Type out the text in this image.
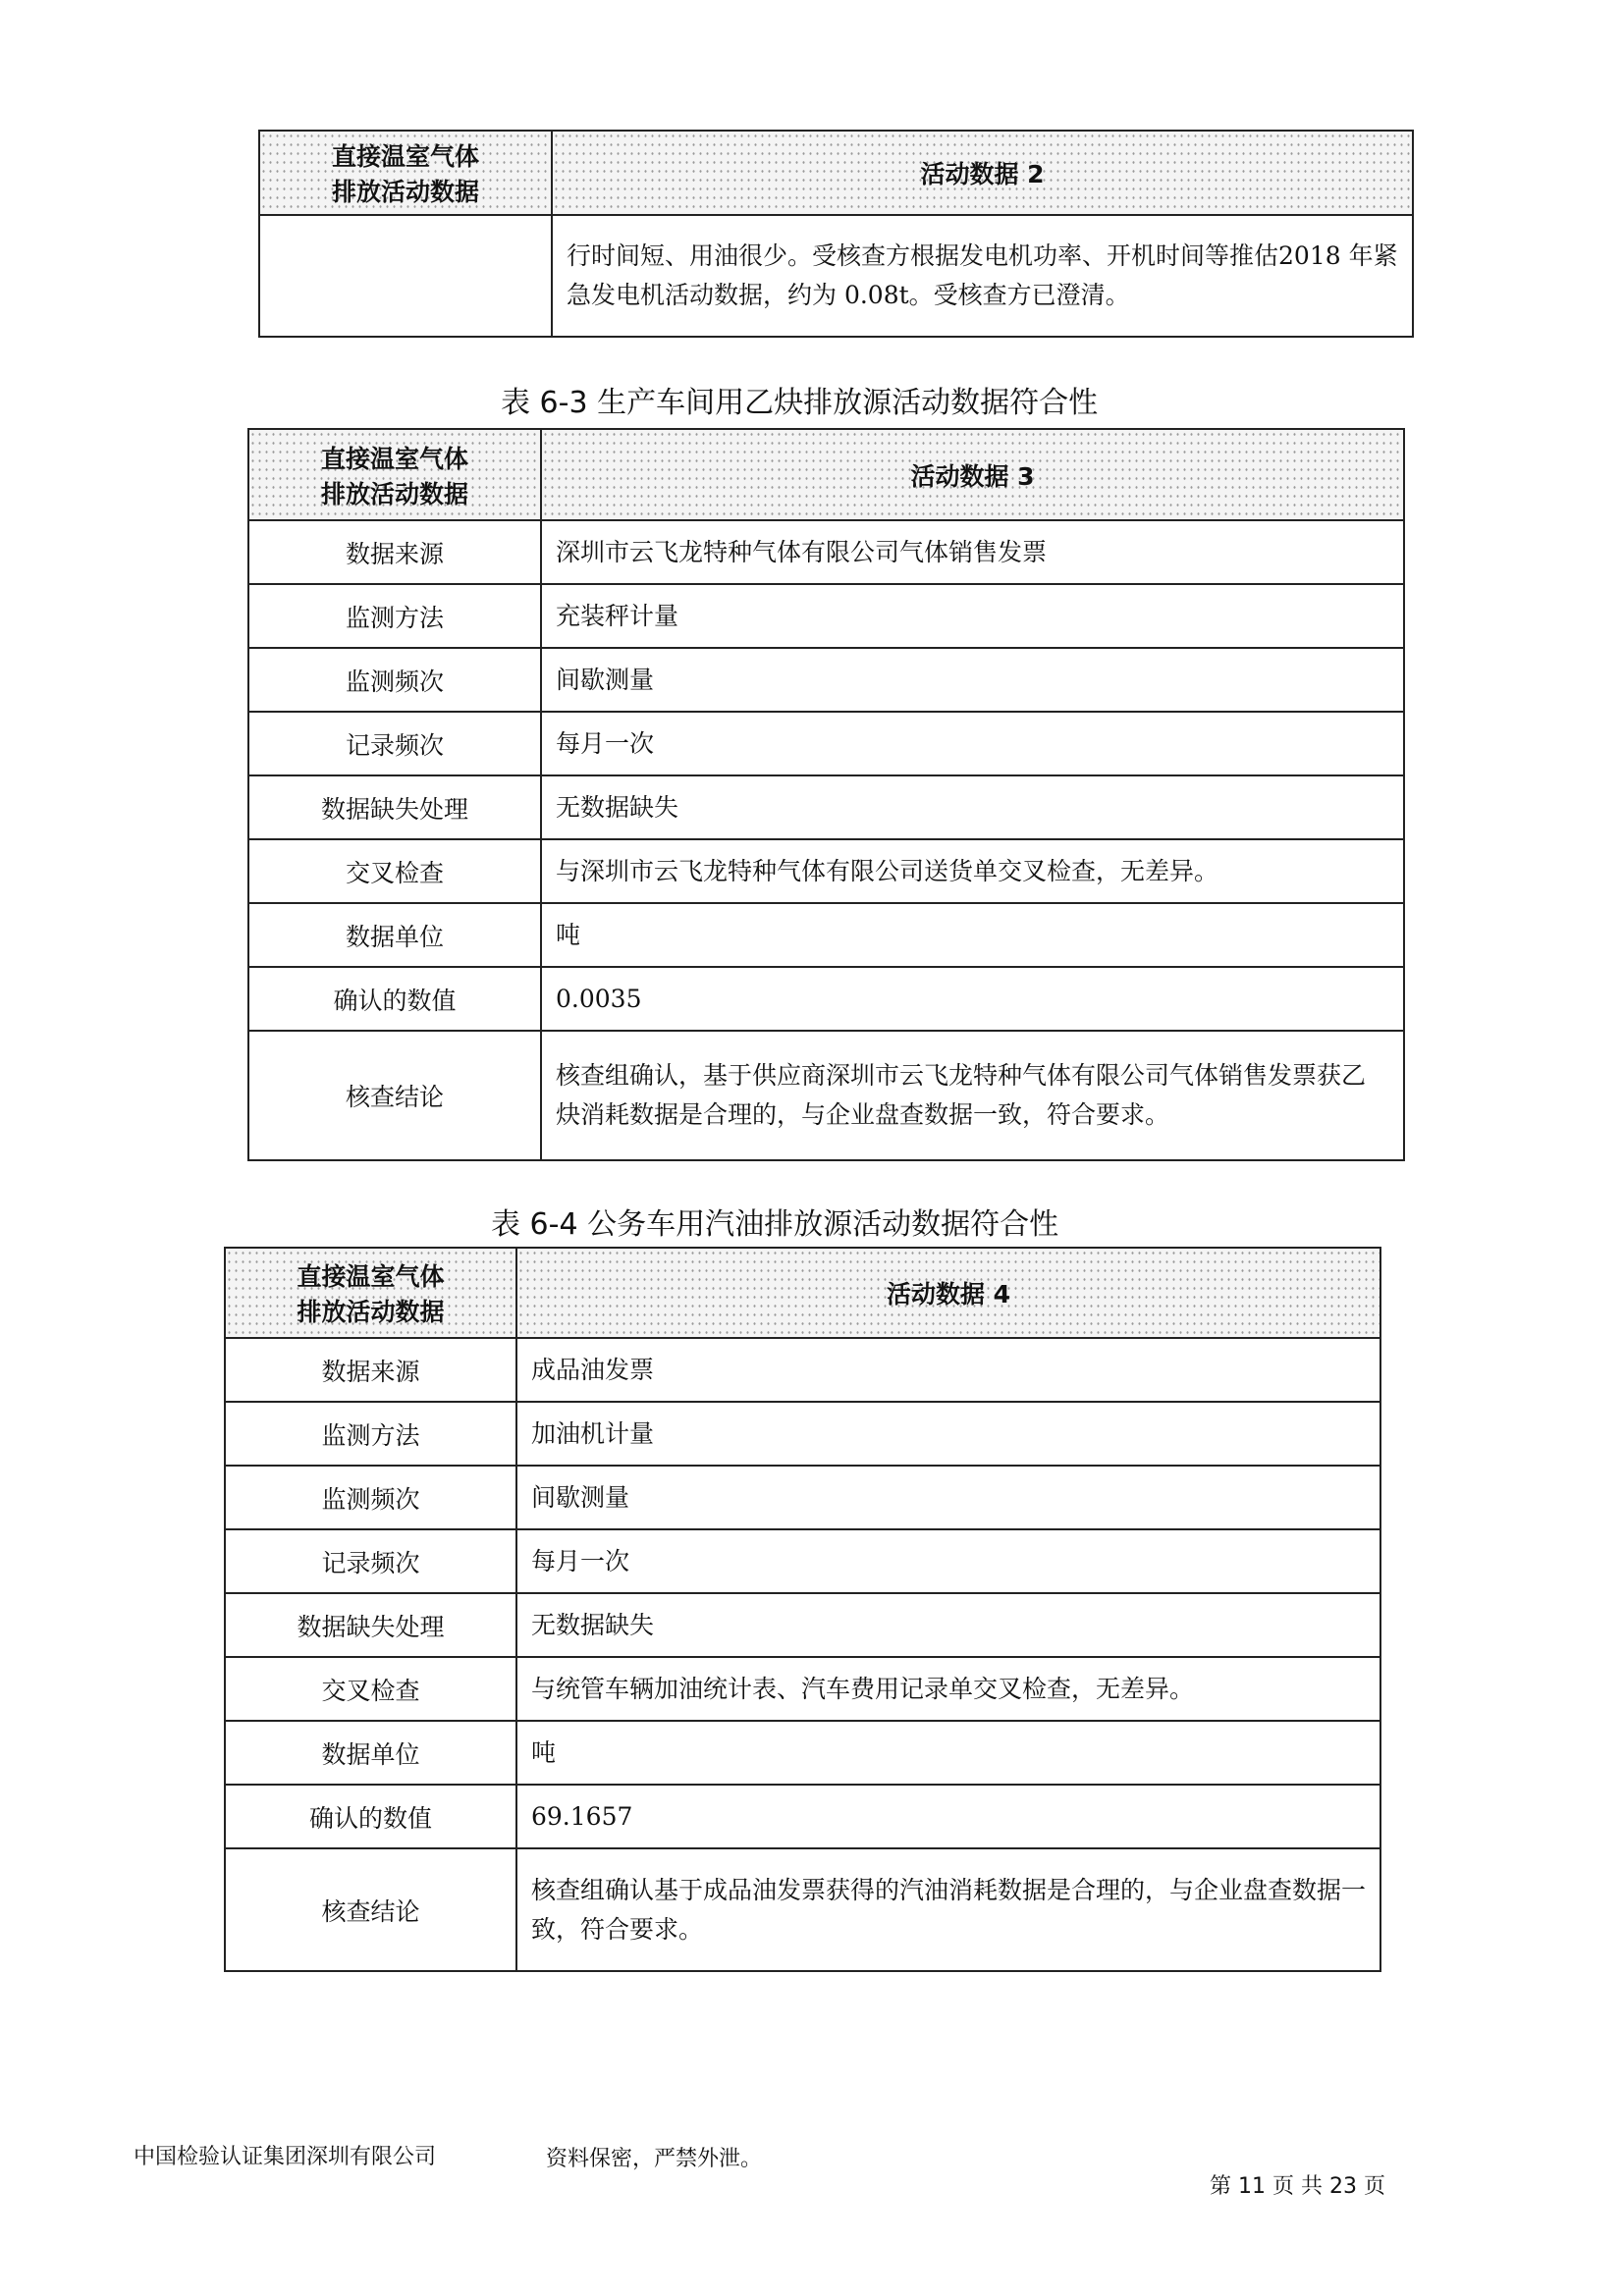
直接温室气体
排放活动数据	活动数据 2
	行时间短、用油很少。受核查方根据发电机功率、开机时间等推估2018 年紧急发电机活动数据，约为 0.08t。受核查方已澄清。
表 6-3 生产车间用乙炔排放源活动数据符合性
直接温室气体
排放活动数据	活动数据 3
数据来源	深圳市云飞龙特种气体有限公司气体销售发票
监测方法	充装秤计量
监测频次	间歇测量
记录频次	每月一次
数据缺失处理	无数据缺失
交叉检查	与深圳市云飞龙特种气体有限公司送货单交叉检查，无差异。
数据单位	吨
确认的数值	0.0035
核查结论	核查组确认，基于供应商深圳市云飞龙特种气体有限公司气体销售发票获乙炔消耗数据是合理的，与企业盘查数据一致，符合要求。
表 6-4 公务车用汽油排放源活动数据符合性
直接温室气体
排放活动数据	活动数据 4
数据来源	成品油发票
监测方法	加油机计量
监测频次	间歇测量
记录频次	每月一次
数据缺失处理	无数据缺失
交叉检查	与统管车辆加油统计表、汽车费用记录单交叉检查，无差异。
数据单位	吨
确认的数值	69.1657
核查结论	核查组确认基于成品油发票获得的汽油消耗数据是合理的，与企业盘查数据一致，符合要求。
中国检验认证集团深圳有限公司	资料保密，严禁外泄。
第 11 页 共 23 页
